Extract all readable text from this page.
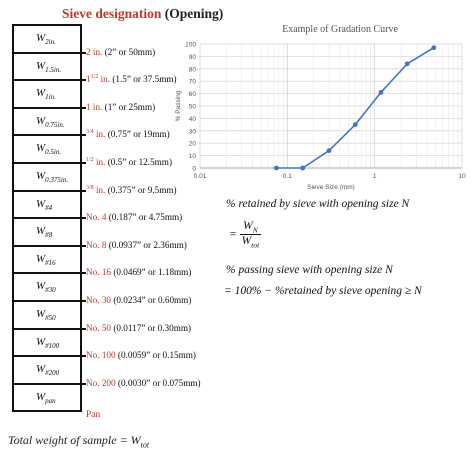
Sieve designation (Opening)
$W_{2in.}$
2 in. (2” or 50mm)
$W_{1.5in.}$
$1^{1/2}$ in. (1.5” or 37.5mm)
$W_{1in.}$
1 in. (1” or 25mm)
$W_{0.75in.}$
$^{3/4}$ in. (0.75” or 19mm)
$W_{0.5in.}$
$^{1/2}$ in. (0.5” or 12.5mm)
$W_{0.375in.}$
$^{3/8}$ in. (0.375” or 9.5mm)
$W_{\#4}$
No. 4 (0.187” or 4.75mm)
$W_{\#8}$
No. 8 (0.0937” or 2.36mm)
$W_{\#16}$
No. 16 (0.0469” or 1.18mm)
$W_{\#30}$
No. 30 (0.0234” or 0.60mm)
$W_{\#50}$
No. 50 (0.0117” or 0.30mm)
$W_{\#100}$
No. 100 (0.0059” or 0.15mm)
$W_{\#200}$
No. 200 (0.0030” or 0.075mm)
$W_{pan}$
Pan
Total weight of sample = $W_{tot}$
Example of Gradation Curve
0
10
20
30
40
50
60
70
80
90
100
0.01	0.1	1	10
Sieve Size (mm)
% Passing
% retained by sieve with opening size N
= $\frac{W_N}{W_{tot}}$
% passing sieve with opening size N
= 100% − %retained by sieve opening ≥ N
